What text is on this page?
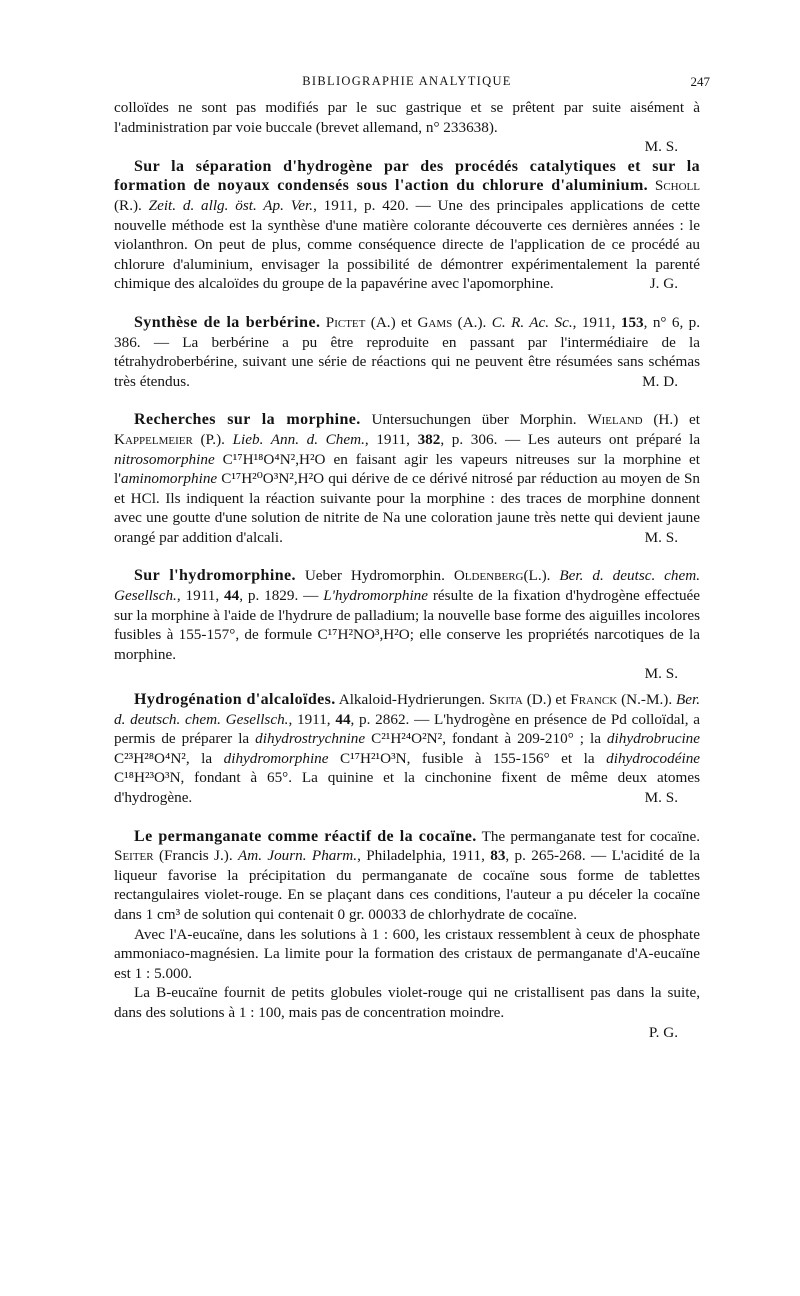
BIBLIOGRAPHIE ANALYTIQUE	247

colloïdes ne sont pas modifiés par le suc gastrique et se prêtent par suite aisément à l'administration par voie buccale (brevet allemand, n° 233638).

M. S.

Sur la séparation d'hydrogène par des procédés catalytiques et sur la formation de noyaux condensés sous l'action du chlorure d'aluminium. Scholl (R.). Zeit. d. allg. öst. Ap. Ver., 1911, p. 420. — Une des principales applications de cette nouvelle méthode est la synthèse d'une matière colorante découverte ces dernières années : le violanthron. On peut de plus, comme conséquence directe de l'application de ce procédé au chlorure d'aluminium, envisager la possibilité de démontrer expérimentalement la parenté chimique des alcaloïdes du groupe de la papavérine avec l'apomorphine.	J. G.

Synthèse de la berbérine. Pictet (A.) et Gams (A.). C. R. Ac. Sc., 1911, 153, n° 6, p. 386. — La berbérine a pu être reproduite en passant par l'intermédiaire de la tétrahydroberbérine, suivant une série de réactions qui ne peuvent être résumées sans schémas très étendus.	M. D.

Recherches sur la morphine. Untersuchungen über Morphin. Wieland (H.) et Kappelmeier (P.). Lieb. Ann. d. Chem., 1911, 382, p. 306. — Les auteurs ont préparé la nitrosomorphine C¹⁷H¹⁸O⁴N²,H²O en faisant agir les vapeurs nitreuses sur la morphine et l'aminomorphine C¹⁷H²⁰O³N²,H²O qui dérive de ce dérivé nitrosé par réduction au moyen de Sn et HCl. Ils indiquent la réaction suivante pour la morphine : des traces de morphine donnent avec une goutte d'une solution de nitrite de Na une coloration jaune très nette qui devient jaune orangé par addition d'alcali.	M. S.

Sur l'hydromorphine. Ueber Hydromorphin. Oldenberg(L.). Ber. d. deutsc. chem. Gesellsch., 1911, 44, p. 1829. — L'hydromorphine résulte de la fixation d'hydrogène effectuée sur la morphine à l'aide de l'hydrure de palladium; la nouvelle base forme des aiguilles incolores fusibles à 155-157°, de formule C¹⁷H²NO³,H²O; elle conserve les propriétés narcotiques de la morphine.

M. S.

Hydrogénation d'alcaloïdes. Alkaloid-Hydrierungen. Skita (D.) et Franck (N.-M.). Ber. d. deutsch. chem. Gesellsch., 1911, 44, p. 2862. — L'hydrogène en présence de Pd colloïdal, a permis de préparer la dihydrostrychnine C²¹H²⁴O²N², fondant à 209-210° ; la dihydrobrucine C²³H²⁸O⁴N², la dihydromorphine C¹⁷H²¹O³N, fusible à 155-156° et la dihydrocodéine C¹⁸H²³O³N, fondant à 65°. La quinine et la cinchonine fixent de même deux atomes d'hydrogène.	M. S.

Le permanganate comme réactif de la cocaïne. The permanganate test for cocaïne. Seiter (Francis J.). Am. Journ. Pharm., Philadelphia, 1911, 83, p. 265-268. — L'acidité de la liqueur favorise la précipitation du permanganate de cocaïne sous forme de tablettes rectangulaires violet-rouge. En se plaçant dans ces conditions, l'auteur a pu déceler la cocaïne dans 1 cm³ de solution qui contenait 0 gr. 00033 de chlorhydrate de cocaïne.

Avec l'A-eucaïne, dans les solutions à 1 : 600, les cristaux ressemblent à ceux de phosphate ammoniaco-magnésien. La limite pour la formation des cristaux de permanganate d'A-eucaïne est 1 : 5.000.

La B-eucaïne fournit de petits globules violet-rouge qui ne cristallisent pas dans la suite, dans des solutions à 1 : 100, mais pas de concentration moindre.

P. G.
